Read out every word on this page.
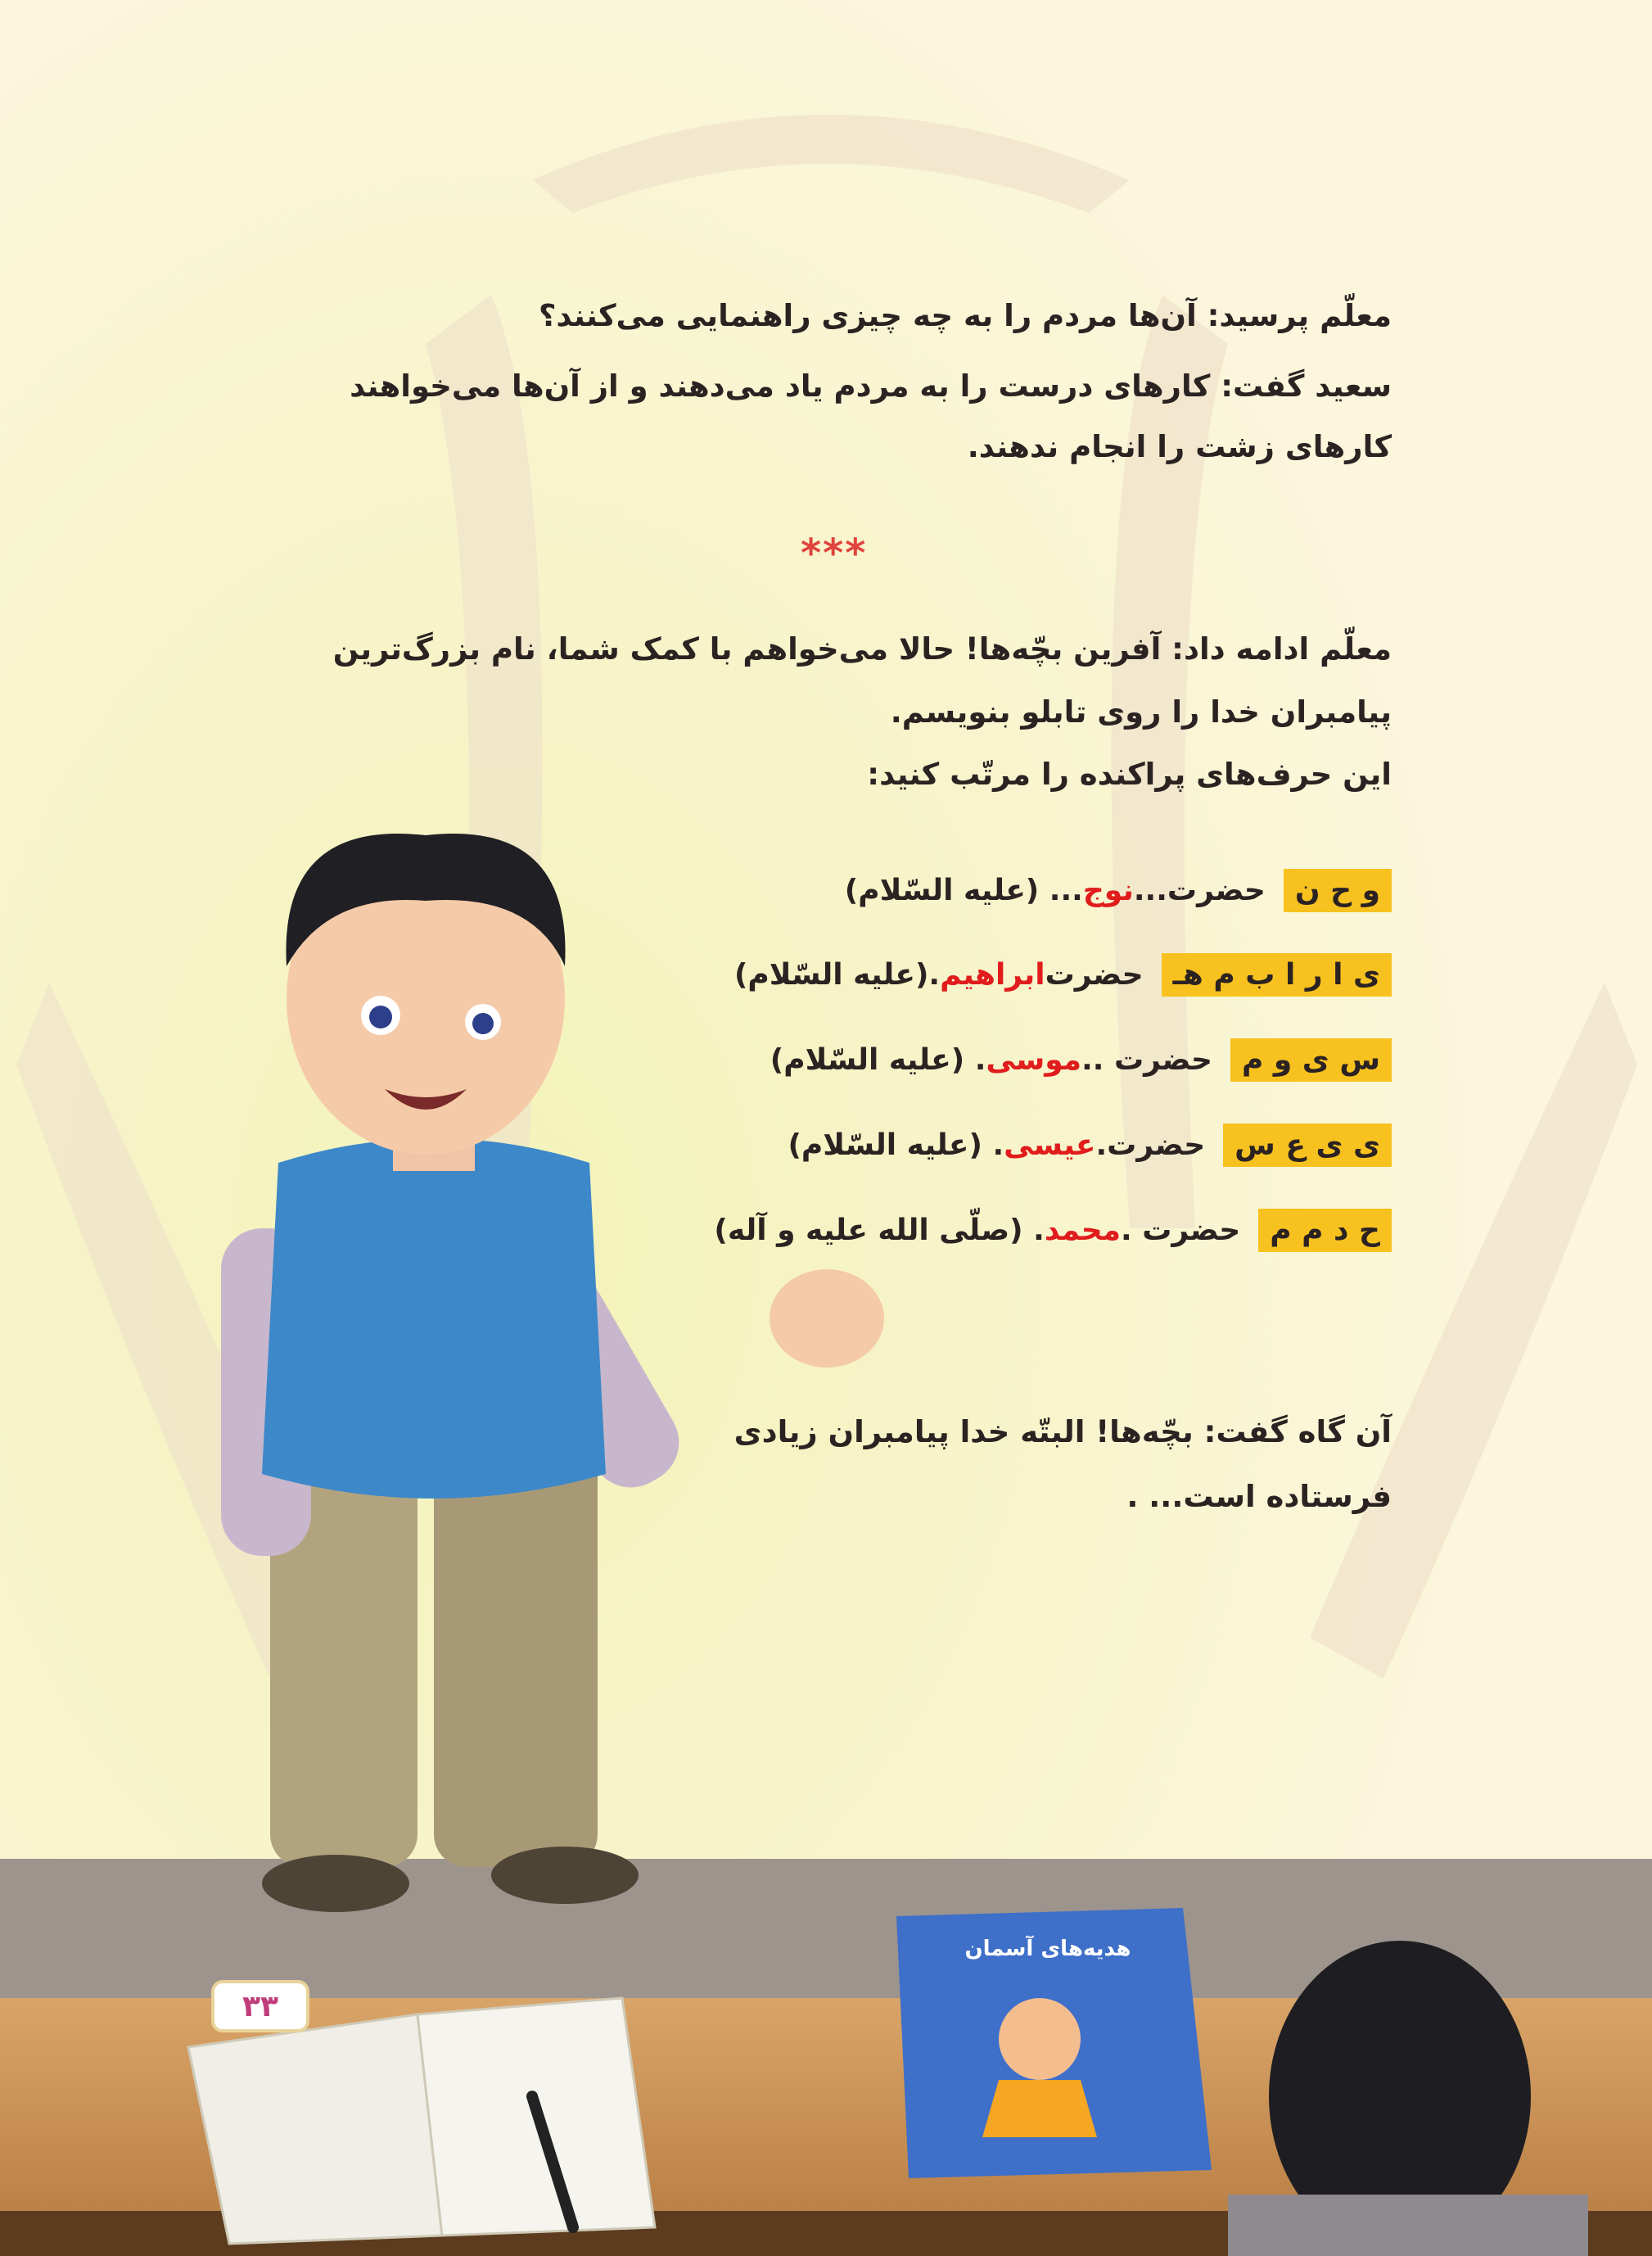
معلّم پرسید: آن‌ها مردم را به چه چیزی راهنمایی می‌کنند؟
سعید گفت: کارهای درست را به مردم یاد می‌دهند و از آن‌ها می‌خواهند
کارهای زشت را انجام ندهند.
***
معلّم ادامه داد: آفرین بچّه‌ها! حالا می‌خواهم با کمک شما، نام بزرگ‌ترین
پیامبران خدا را روی تابلو بنویسم.
این حرف‌های پراکنده را مرتّب کنید:
و ح ن
حضرت...
نوج
... (علیه السّلام)
ی ا ر ا ب م هـ
حضرت
ابراهیم
.(علیه السّلام)
س ی و م
حضرت ..
موسی
. (علیه السّلام)
ی ی ع س
حضرت.
عیسی
. (علیه السّلام)
ح د م م
حضرت .
محمد
. (صلّی الله علیه و آله)
آن گاه گفت: بچّه‌ها! البتّه خدا پیامبران زیادی
فرستاده است... .
هدیه‌های آسمان
۳۳
